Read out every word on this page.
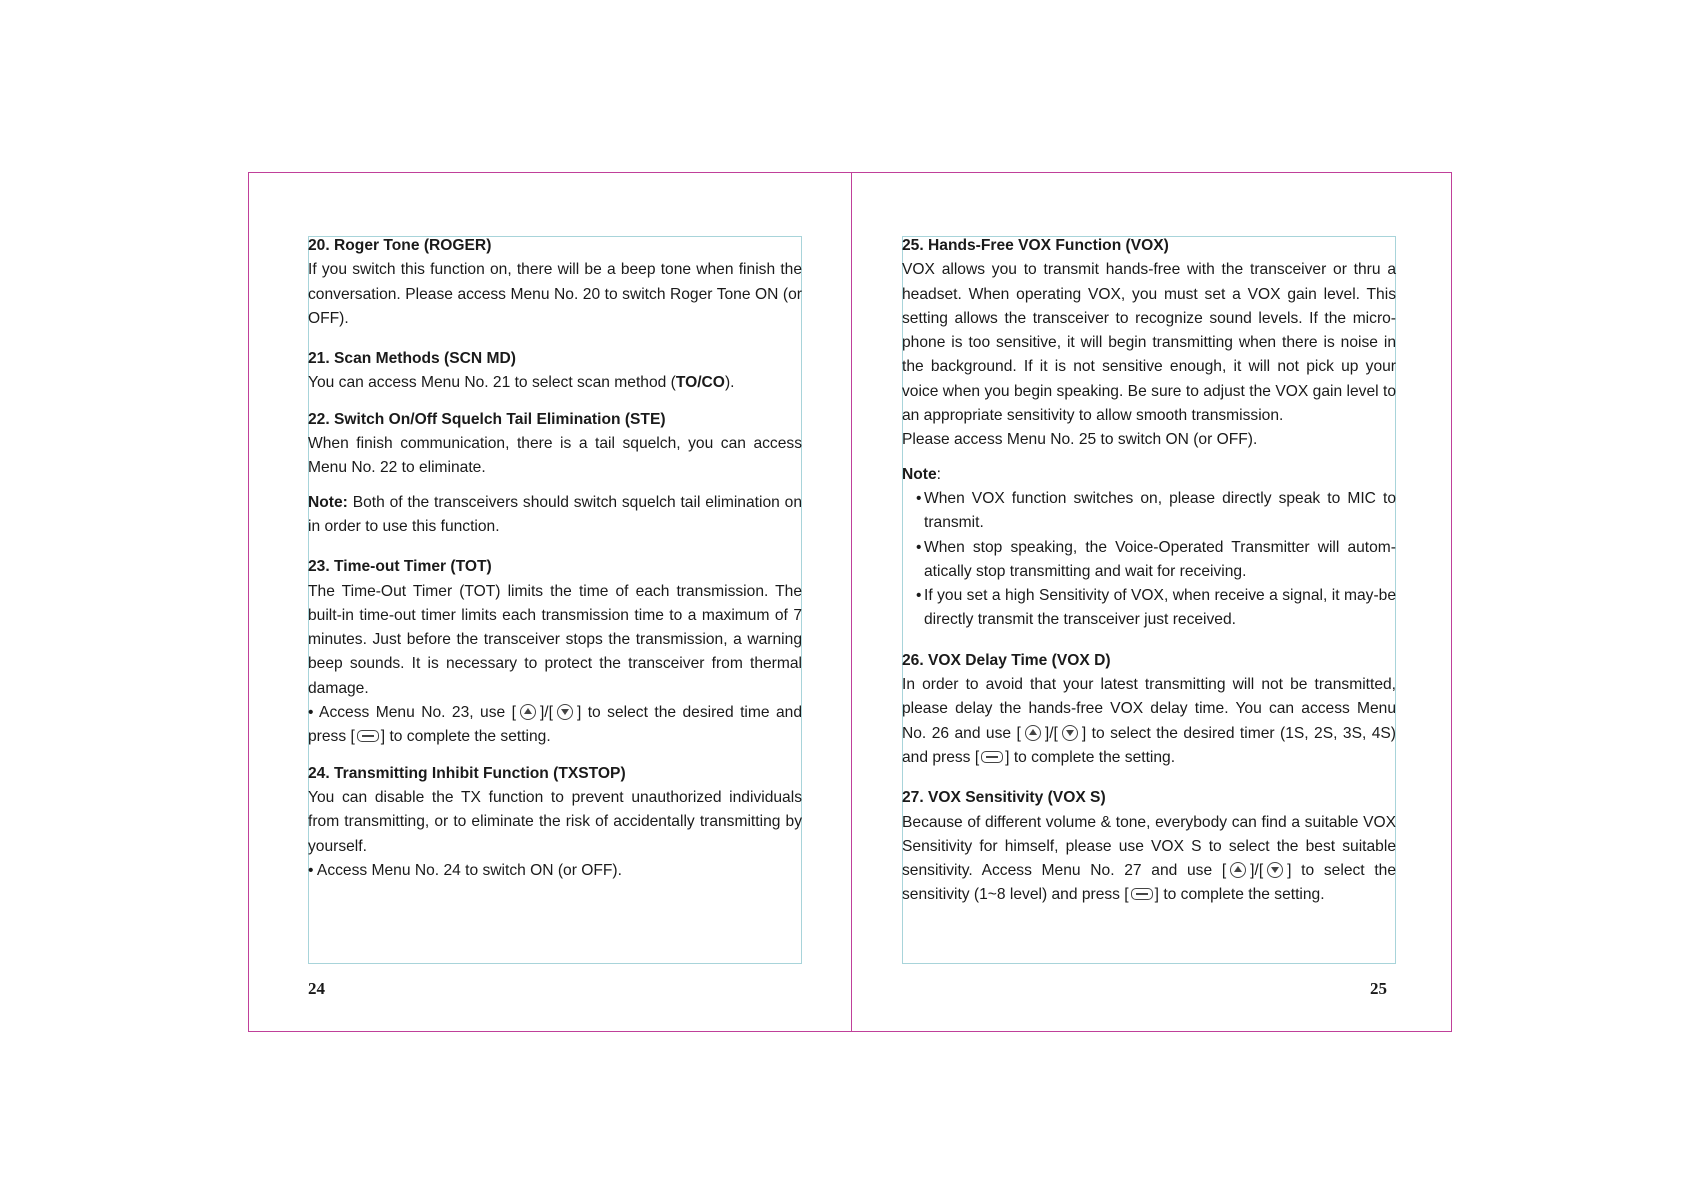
20. Roger Tone (ROGER)

If you switch this function on, there will be a beep tone when finish the conversation. Please access Menu No. 20 to switch Roger Tone ON (or OFF).

21. Scan Methods (SCN MD)

You can access Menu No. 21 to select scan method (TO/CO).

22. Switch On/Off Squelch Tail Elimination (STE)

When finish communication, there is a tail squelch, you can access Menu No. 22 to eliminate.

Note: Both of the transceivers should switch squelch tail elimination on in order to use this function.

23. Time-out Timer (TOT)

The Time-Out Timer (TOT) limits the time of each transmission. The built-in time-out timer limits each transmission time to a maximum of 7 minutes. Just before the transceiver stops the transmission, a warning beep sounds. It is necessary to protect the transceiver from thermal damage.

• Access Menu No. 23, use [ ]/[ ] to select the desired time and press [ ] to complete the setting.

24. Transmitting Inhibit Function (TXSTOP)

You can disable the TX function to prevent unauthorized individuals from transmitting, or to eliminate the risk of accidentally transmitting by yourself.

• Access Menu No. 24 to switch ON (or OFF).

24

25. Hands-Free VOX Function (VOX)

VOX allows you to transmit hands-free with the transceiver or thru a headset. When operating VOX, you must set a VOX gain level. This setting allows the transceiver to recognize sound levels. If the micro-phone is too sensitive, it will begin transmitting when there is noise in the background. If it is not sensitive enough, it will not pick up your voice when you begin speaking. Be sure to adjust the VOX gain level to an appropriate sensitivity to allow smooth transmission.

Please access Menu No. 25 to switch ON (or OFF).

Note:

• When VOX function switches on, please directly speak to MIC to transmit.
• When stop speaking, the Voice-Operated Transmitter will autom-atically stop transmitting and wait for receiving.
• If you set a high Sensitivity of VOX, when receive a signal, it may-be directly transmit the transceiver just received.

26. VOX Delay Time (VOX D)

In order to avoid that your latest transmitting will not be transmitted, please delay the hands-free VOX delay time. You can access Menu No. 26 and use [ ]/[ ] to select the desired timer (1S, 2S, 3S, 4S) and press [ ] to complete the setting.

27. VOX Sensitivity (VOX S)

Because of different volume & tone, everybody can find a suitable VOX Sensitivity for himself, please use VOX S to select the best suitable sensitivity. Access Menu No. 27 and use [ ]/[ ] to select the sensitivity (1~8 level) and press [ ] to complete the setting.

25
